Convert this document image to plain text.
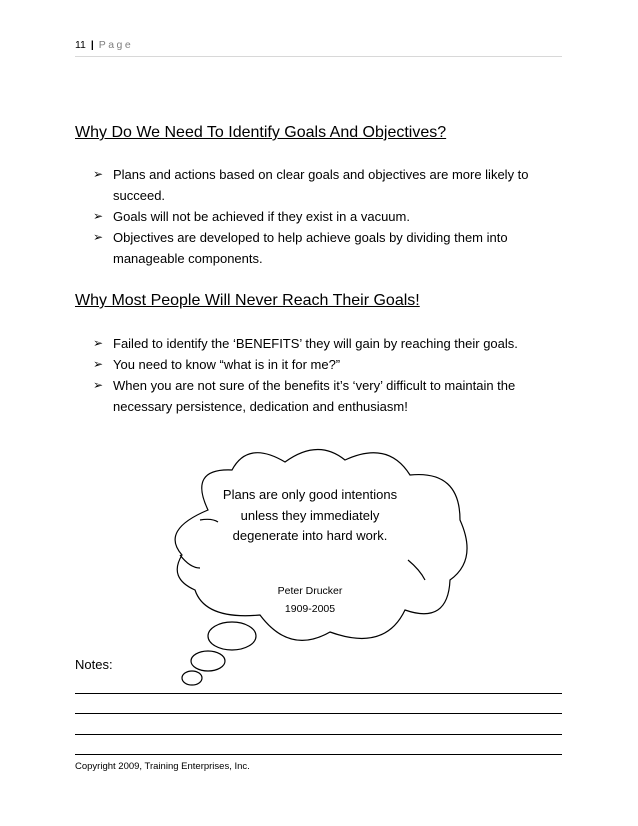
11 | Page
Why Do We Need To Identify Goals And Objectives?
➢ Plans and actions based on clear goals and objectives are more likely to succeed.
➢ Goals will not be achieved if they exist in a vacuum.
➢ Objectives are developed to help achieve goals by dividing them into manageable components.
Why Most People Will Never Reach Their Goals!
➢ Failed to identify the ‘BENEFITS’ they will gain by reaching their goals.
➢ You need to know “what is in it for me?”
➢ When you are not sure of the benefits it’s ‘very’ difficult to maintain the necessary persistence, dedication and enthusiasm!
Plans are only good intentions unless they immediately degenerate into hard work.
Peter Drucker
1909-2005
Notes:
Copyright 2009, Training Enterprises, Inc.
